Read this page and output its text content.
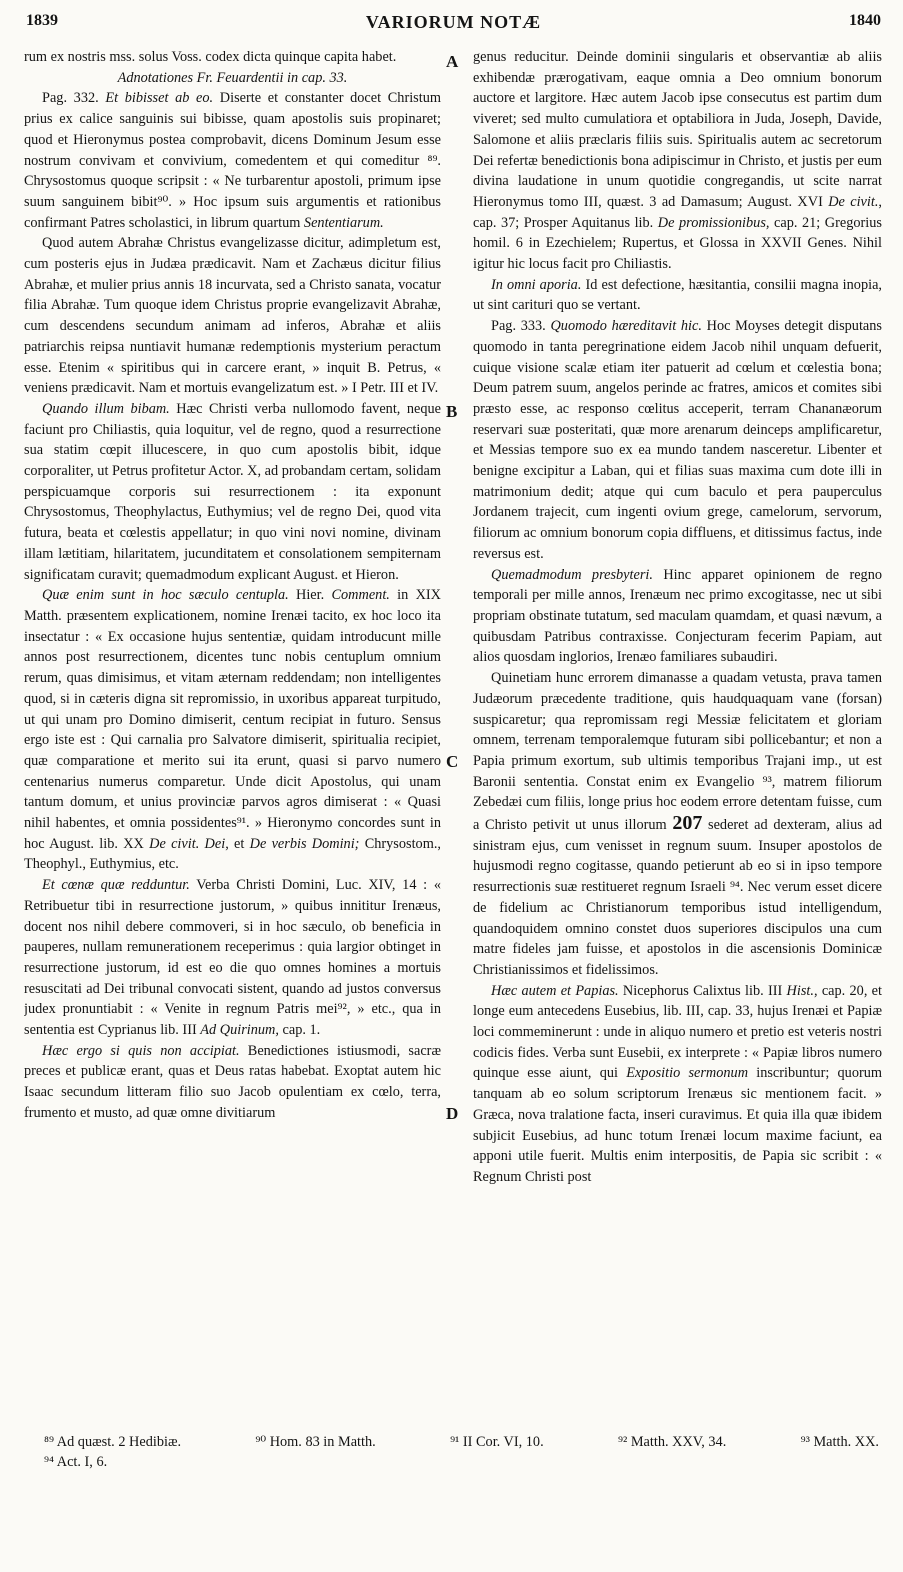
1839	VARIORUM NOTÆ	1840
A
B
C
D

rum ex nostris mss. solus Voss. codex dicta quinque capita habet.

Adnotationes Fr. Feuardentii in cap. 33.

Pag. 332. Et bibisset ab eo. Diserte et constanter docet Christum prius ex calice sanguinis sui bibisse, quam apostolis suis propinaret; quod et Hieronymus postea comprobavit, dicens Dominum Jesum esse nostrum convivam et convivium, comedentem et qui comeditur ⁸⁹. Chrysostomus quoque scripsit : « Ne turbarentur apostoli, primum ipse suum sanguinem bibit⁹⁰. » Hoc ipsum suis argumentis et rationibus confirmant Patres scholastici, in librum quartum Sententiarum.

Quod autem Abrahæ Christus evangelizasse dicitur, adimpletum est, cum posteris ejus in Judæa prædicavit. Nam et Zachæus dicitur filius Abrahæ, et mulier prius annis 18 incurvata, sed a Christo sanata, vocatur filia Abrahæ. Tum quoque idem Christus proprie evangelizavit Abrahæ, cum descendens secundum animam ad inferos, Abrahæ et aliis patriarchis reipsa nuntiavit humanæ redemptionis mysterium peractum esse. Etenim « spiritibus qui in carcere erant, » inquit B. Petrus, « veniens prædicavit. Nam et mortuis evangelizatum est. » I Petr. III et IV.

Quando illum bibam. Hæc Christi verba nullomodo favent, neque faciunt pro Chiliastis, quia loquitur, vel de regno, quod a resurrectione sua statim cœpit illucescere, in quo cum apostolis bibit, idque corporaliter, ut Petrus profitetur Actor. X, ad probandam certam, solidam perspicuamque corporis sui resurrectionem : ita exponunt Chrysostomus, Theophylactus, Euthymius; vel de regno Dei, quod vita futura, beata et cœlestis appellatur; in quo vini novi nomine, divinam illam lætitiam, hilaritatem, jucunditatem et consolationem sempiternam significatam curavit; quemadmodum explicant August. et Hieron.

Quæ enim sunt in hoc sæculo centupla. Hier. Comment. in XIX Matth. præsentem explicationem, nomine Irenæi tacito, ex hoc loco ita insectatur : « Ex occasione hujus sententiæ, quidam introducunt mille annos post resurrectionem, dicentes tunc nobis centuplum omnium rerum, quas dimisimus, et vitam æternam reddendam; non intelligentes quod, si in cæteris digna sit repromissio, in uxoribus appareat turpitudo, ut qui unam pro Domino dimiserit, centum recipiat in futuro. Sensus ergo iste est : Qui carnalia pro Salvatore dimiserit, spiritualia recipiet, quæ comparatione et merito sui ita erunt, quasi si parvo numero centenarius numerus comparetur. Unde dicit Apostolus, qui unam tantum domum, et unius provinciæ parvos agros dimiserat : « Quasi nihil habentes, et omnia possidentes⁹¹. » Hieronymo concordes sunt in hoc August. lib. XX De civit. Dei, et De verbis Domini; Chrysostom., Theophyl., Euthymius, etc.

Et cœnæ quæ redduntur. Verba Christi Domini, Luc. XIV, 14 : « Retribuetur tibi in resurrectione justorum, » quibus innititur Irenæus, docent nos nihil debere commoveri, si in hoc sæculo, ob beneficia in pauperes, nullam remunerationem receperimus : quia largior obtinget in resurrectione justorum, id est eo die quo omnes homines a mortuis resuscitati ad Dei tribunal convocati sistent, quando ad justos conversus judex pronuntiabit : « Venite in regnum Patris mei⁹², » etc., qua in sententia est Cyprianus lib. III Ad Quirinum, cap. 1.

Hæc ergo si quis non accipiat. Benedictiones istiusmodi, sacræ preces et publicæ erant, quas et Deus ratas habebat. Exoptat autem hic Isaac secundum litteram filio suo Jacob opulentiam ex cœlo, terra, frumento et musto, ad quæ omne divitiarum

genus reducitur. Deinde dominii singularis et observantiæ ab aliis exhibendæ prærogativam, eaque omnia a Deo omnium bonorum auctore et largitore. Hæc autem Jacob ipse consecutus est partim dum viveret; sed multo cumulatiora et optabiliora in Juda, Joseph, Davide, Salomone et aliis præclaris filiis suis. Spiritualis autem ac secretorum Dei refertæ benedictionis bona adipiscimur in Christo, et justis per eum divina laudatione in unum quotidie congregandis, ut scite narrat Hieronymus tomo III, quæst. 3 ad Damasum; August. XVI De civit., cap. 37; Prosper Aquitanus lib. De promissionibus, cap. 21; Gregorius homil. 6 in Ezechielem; Rupertus, et Glossa in XXVII Genes. Nihil igitur hic locus facit pro Chiliastis.

In omni aporia. Id est defectione, hæsitantia, consilii magna inopia, ut sint cariturі quo se vertant.

Pag. 333. Quomodo hæreditavit hic. Hoc Moyses detegit disputans quomodo in tanta peregrinatione eidem Jacob nihil unquam defuerit, cuique visione scalæ etiam iter patuerit ad cœlum et cœlestia bona; Deum patrem suum, angelos perinde ac fratres, amicos et comites sibi præsto esse, ac responso cœlitus acceperit, terram Chananæorum reservari suæ posteritati, quæ more arenarum deinceps amplificaretur, et Messias tempore suo ex ea mundo tandem nasceretur. Libenter et benigne excipitur a Laban, qui et filias suas maxima cum dote illi in matrimonium dedit; atque qui cum baculo et pera pauperculus Jordanem trajecit, cum ingenti ovium grege, camelorum, servorum, filiorum ac omnium bonorum copia diffluens, et ditissimus factus, inde reversus est.

Quemadmodum presbyteri. Hinc apparet opinionem de regno temporali per mille annos, Irenæum nec primo excogitasse, nec ut sibi propriam obstinate tutatum, sed maculam quamdam, et quasi nævum, a quibusdam Patribus contraxisse. Conjecturam fecerim Papiam, aut alios quosdam inglorios, Irenæo familiares subaudiri.

Quinetiam hunc errorem dimanasse a quadam vetusta, prava tamen Judæorum præcedente traditione, quis haudquaquam vane (forsan) suspicaretur; qua repromissam regi Messiæ felicitatem et gloriam omnem, terrenam temporalemque futuram sibi pollicebantur; et non a Papia primum exortum, sub ultimis temporibus Trajani imp., ut est Baronii sententia. Constat enim ex Evangelio ⁹³, matrem filiorum Zebedæi cum filiis, longe prius hoc eodem errore detentam fuisse, cum a Christo petivit ut unus illorum 207 sederet ad dexteram, alius ad sinistram ejus, cum venisset in regnum suum. Insuper apostolos de hujusmodi regno cogitasse, quando petierunt ab eo si in ipso tempore resurrectionis suæ restitueret regnum Israeli ⁹⁴. Nec verum esset dicere de fidelium ac Christianorum temporibus istud intelligendum, quandoquidem omnino constet duos superiores discipulos una cum matre fideles jam fuisse, et apostolos in die ascensionis Dominicæ Christianissimos et fidelissimos.

Hæc autem et Papias. Nicephorus Calixtus lib. III Hist., cap. 20, et longe eum antecedens Eusebius, lib. III, cap. 33, hujus Irenæi et Papiæ loci commeminerunt : unde in aliquo numero et pretio est veteris nostri codicis fides. Verba sunt Eusebii, ex interprete : « Papiæ libros numero quinque esse aiunt, qui Expositio sermonum inscribuntur; quorum tanquam ab eo solum scriptorum Irenæus sic mentionem facit. » Græca, nova tralatione facta, inseri curavimus. Et quia illa quæ ibidem subjicit Eusebius, ad hunc totum Irenæi locum maxime faciunt, ea apponi utile fuerit. Multis enim interpositis, de Papia sic scribit : « Regnum Christi post

⁸⁹ Ad quæst. 2 Hedibiæ.	⁹⁰ Hom. 83 in Matth.	⁹¹ II Cor. VI, 10.	⁹² Matth. XXV, 34.	⁹³ Matth. XX.
⁹⁴ Act. I, 6.
